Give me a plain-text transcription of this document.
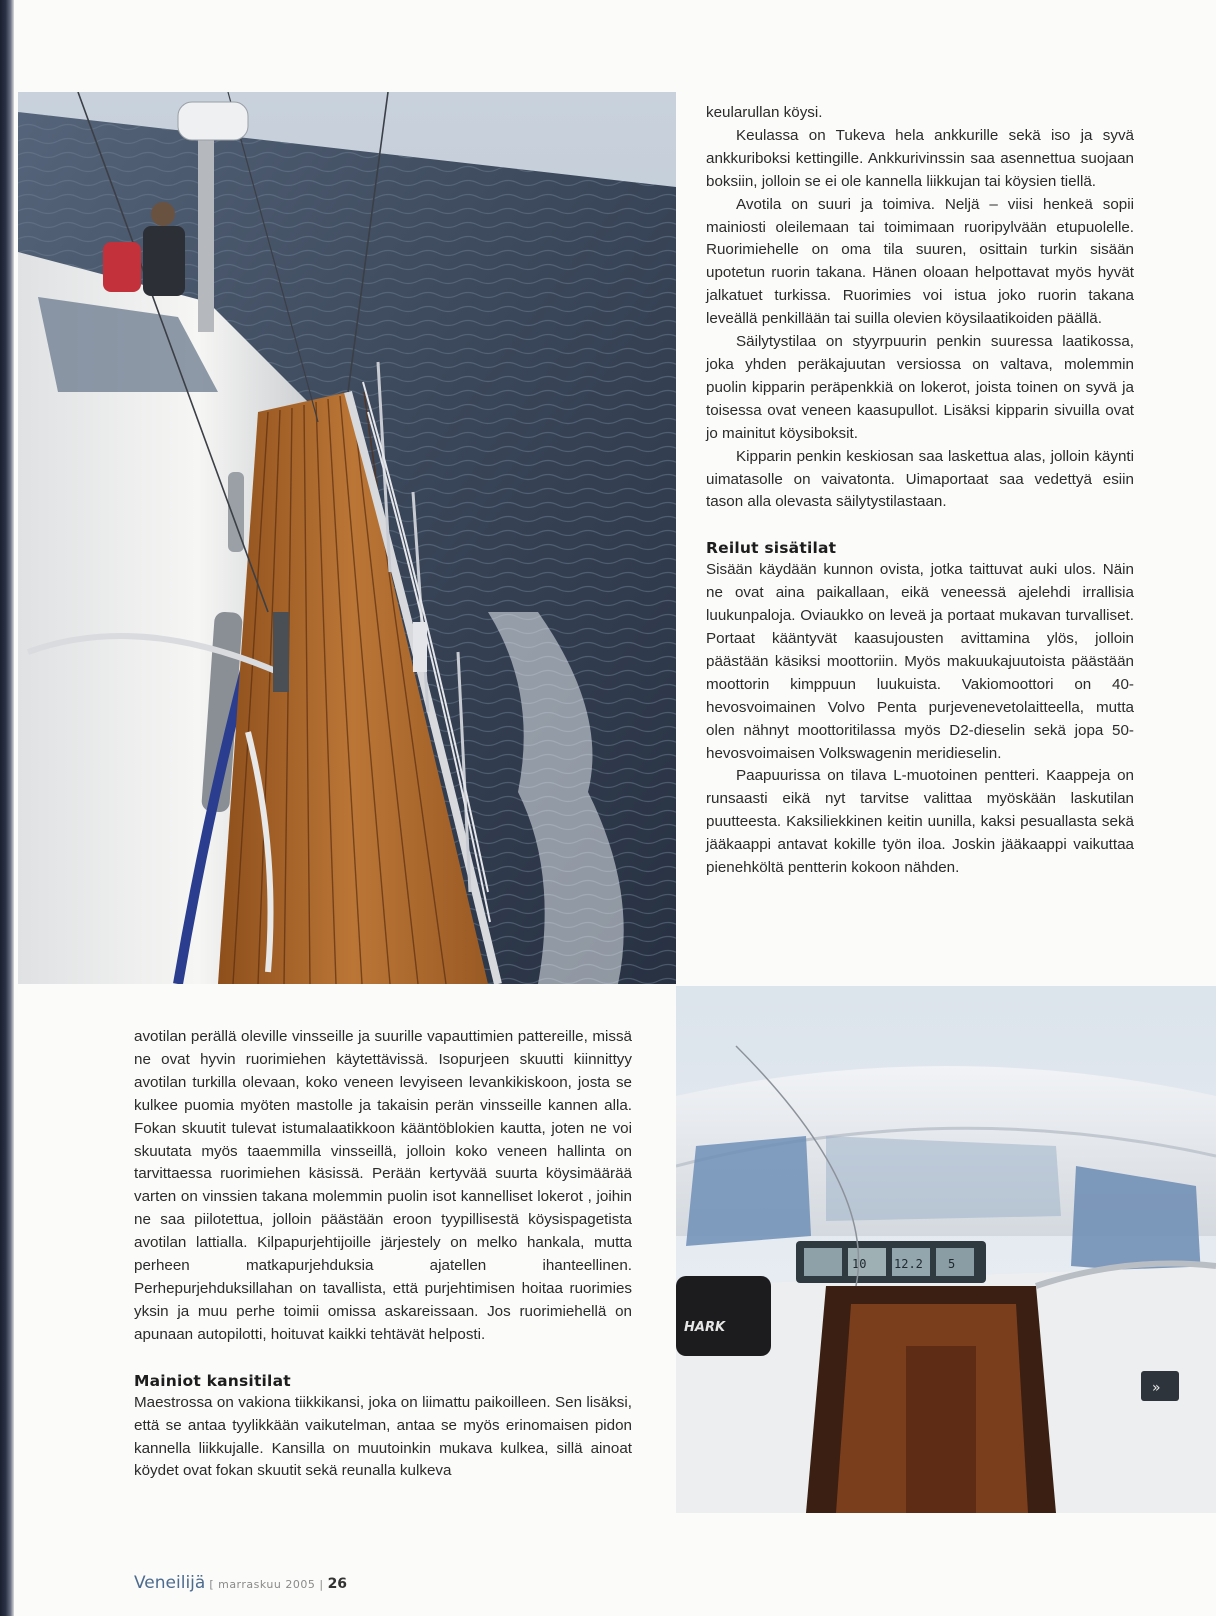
10 12.2 5
HARK
»

keularullan köysi.

Keulassa on Tukeva hela ankkurille sekä iso ja syvä ankkuriboksi kettingille. Ankkurivinssin saa asennettua suojaan boksiin, jolloin se ei ole kannella liikkujan tai köysien tiellä.

Avotila on suuri ja toimiva. Neljä – viisi henkeä sopii mainiosti oleilemaan tai toimimaan ruoripylvään etupuolelle. Ruorimiehelle on oma tila suuren, osittain turkin sisään upotetun ruorin takana. Hänen oloaan helpottavat myös hyvät jalkatuet turkissa. Ruorimies voi istua joko ruorin takana leveällä penkillään tai suilla olevien köysilaatikoiden päällä.

Säilytystilaa on styyrpuurin penkin suuressa laatikossa, joka yhden peräkajuutan versiossa on valtava, molemmin puolin kipparin peräpenkkiä on lokerot, joista toinen on syvä ja toisessa ovat veneen kaasupullot. Lisäksi kipparin sivuilla ovat jo mainitut köysiboksit.

Kipparin penkin keskiosan saa laskettua alas, jolloin käynti uimatasolle on vaivatonta. Uimaportaat saa vedettyä esiin tason alla olevasta säilytystilastaan.

Reilut sisätilat

Sisään käydään kunnon ovista, jotka taittuvat auki ulos. Näin ne ovat aina paikallaan, eikä veneessä ajelehdi irrallisia luukunpaloja. Oviaukko on leveä ja portaat mukavan turvalliset. Portaat kääntyvät kaasujousten avittamina ylös, jolloin päästään käsiksi moottoriin. Myös makuukajuutoista päästään moottorin kimppuun luukuista. Vakiomoottori on 40-hevosvoimainen Volvo Penta purjevenevetolaitteella, mutta olen nähnyt moottoritilassa myös D2-dieselin sekä jopa 50-hevosvoimaisen Volkswagenin meridieselin.

Paapuurissa on tilava L-muotoinen pentteri. Kaappeja on runsaasti eikä nyt tarvitse valittaa myöskään laskutilan puutteesta. Kaksiliekkinen keitin uunilla, kaksi pesuallasta sekä jääkaappi antavat kokille työn iloa. Joskin jääkaappi vaikuttaa pienehköltä pentterin kokoon nähden.

avotilan perällä oleville vinsseille ja suurille vapauttimien pattereille, missä ne ovat hyvin ruorimiehen käytettävissä. Isopurjeen skuutti kiinnittyy avotilan turkilla olevaan, koko veneen levyiseen levankikiskoon, josta se kulkee puomia myöten mastolle ja takaisin perän vinsseille kannen alla. Fokan skuutit tulevat istumalaatikkoon kääntöblokien kautta, joten ne voi skuutata myös taaemmilla vinsseillä, jolloin koko veneen hallinta on tarvittaessa ruorimiehen käsissä. Perään kertyvää suurta köysimäärää varten on vinssien takana molemmin puolin isot kannelliset lokerot , joihin ne saa piilotettua, jolloin päästään eroon tyypillisestä köysispagetista avotilan lattialla. Kilpapurjehtijoille järjestely on melko hankala, mutta perheen matkapurjehduksia ajatellen ihanteellinen. Perhepurjehduksillahan on tavallista, että purjehtimisen hoitaa ruorimies yksin ja muu perhe toimii omissa askareissaan. Jos ruorimiehellä on apunaan autopilotti, hoituvat kaikki tehtävät helposti.

Mainiot kansitilat

Maestrossa on vakiona tiikkikansi, joka on liimattu paikoilleen. Sen lisäksi, että se antaa tyylikkään vaikutelman, antaa se myös erinomaisen pidon kannella liikkujalle. Kansilla on muutoinkin mukava kulkea, sillä ainoat köydet ovat fokan skuutit sekä reunalla kulkeva

Veneilijä [ marraskuu 2005 | 26
